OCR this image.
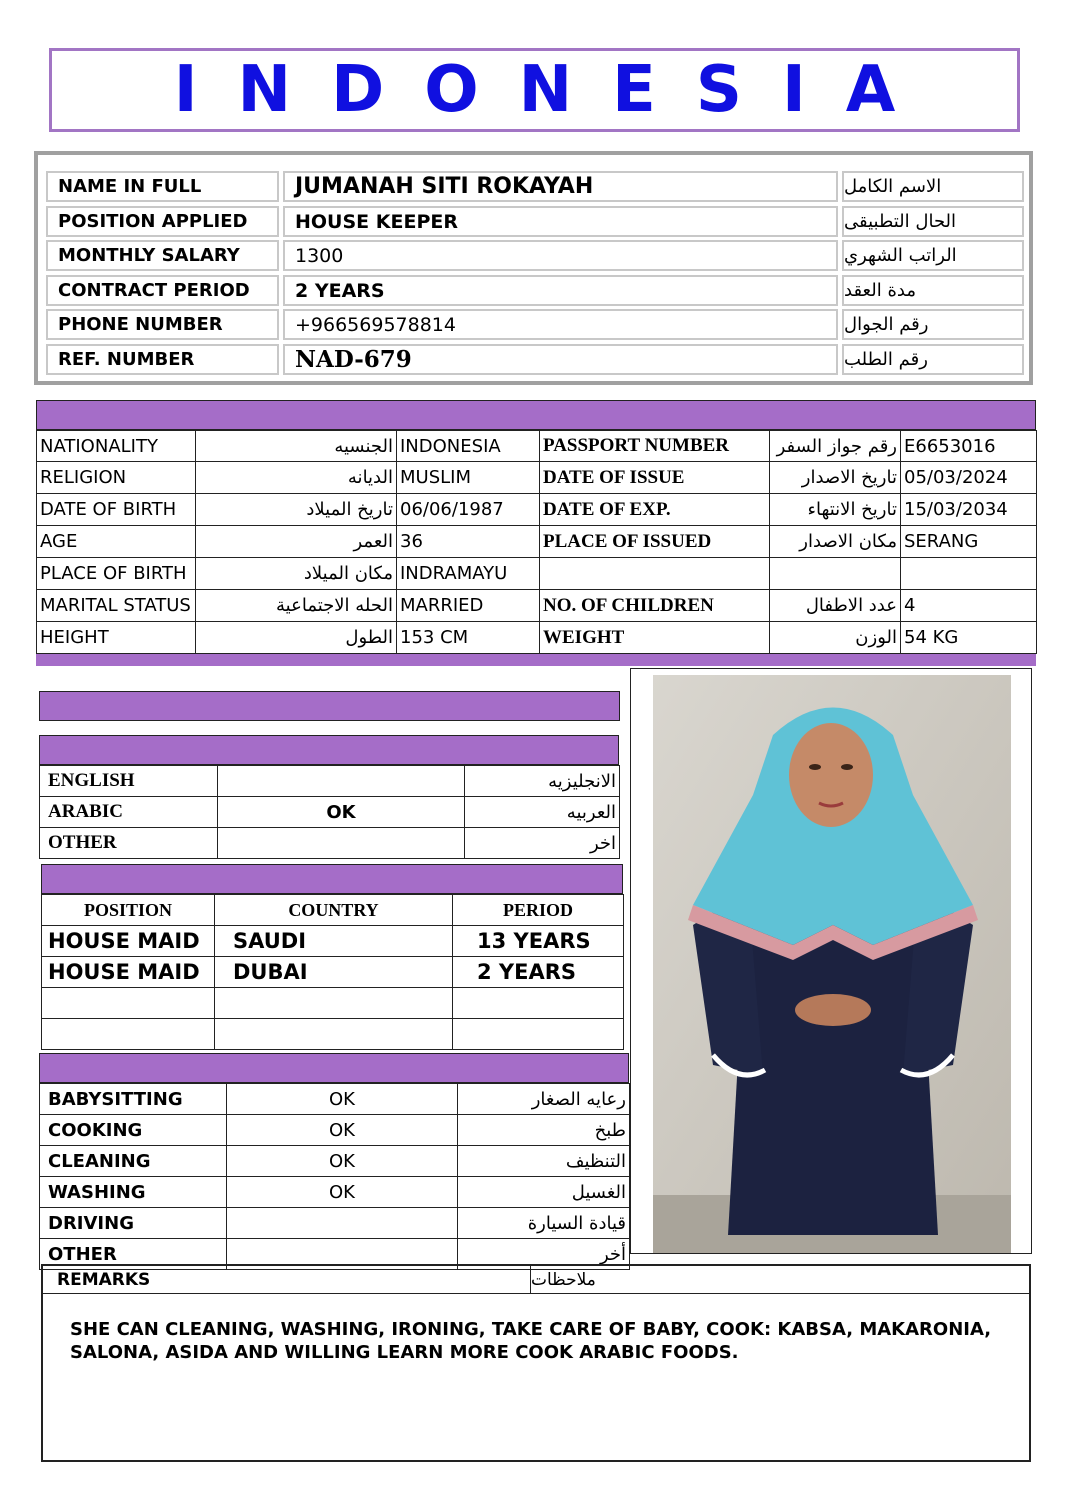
INDONESIA
NAME IN FULL	JUMANAH SITI ROKAYAH	الاسم الكامل
POSITION APPLIED	HOUSE KEEPER	الحال التطبيقى
MONTHLY SALARY	1300	الراتب الشهري
CONTRACT PERIOD	2 YEARS	مدة العقد
PHONE NUMBER	+966569578814	رقم الجوال
REF. NUMBER	NAD-679	رقم الطلب
NATIONALITY	الجنسيه	INDONESIA	PASSPORT NUMBER	رقم جواز السفر	E6653016
RELIGION	الديانه	MUSLIM	DATE OF ISSUE	تاريخ الاصدار	05/03/2024
DATE OF BIRTH	تاريخ الميلاد	06/06/1987	DATE OF EXP.	تاريخ الانتهاء	15/03/2034
AGE	العمر	36	PLACE OF ISSUED	مكان الاصدار	SERANG
PLACE OF BIRTH	مكان الميلاد	INDRAMAYU			
MARITAL STATUS	الحله الاجتماعية	MARRIED	NO. OF CHILDREN	عدد الاطفال	4
HEIGHT	الطول	153 CM	WEIGHT	الوزن	54 KG
ENGLISH		الانجليزيه
ARABIC	OK	العربيه
OTHER		اخر
POSITION	COUNTRY	PERIOD
HOUSE MAID	SAUDI	13 YEARS
HOUSE MAID	DUBAI	2 YEARS

BABYSITTING	OK	رعايه الصغار
COOKING	OK	طبخ
CLEANING	OK	التنظيف
WASHING	OK	الغسيل
DRIVING		قيادة السيارة
OTHER		أخر
REMARKS	ملاحظات
SHE CAN CLEANING, WASHING, IRONING, TAKE CARE OF BABY, COOK: KABSA, MAKARONIA, SALONA, ASIDA AND WILLING LEARN MORE COOK ARABIC FOODS.
